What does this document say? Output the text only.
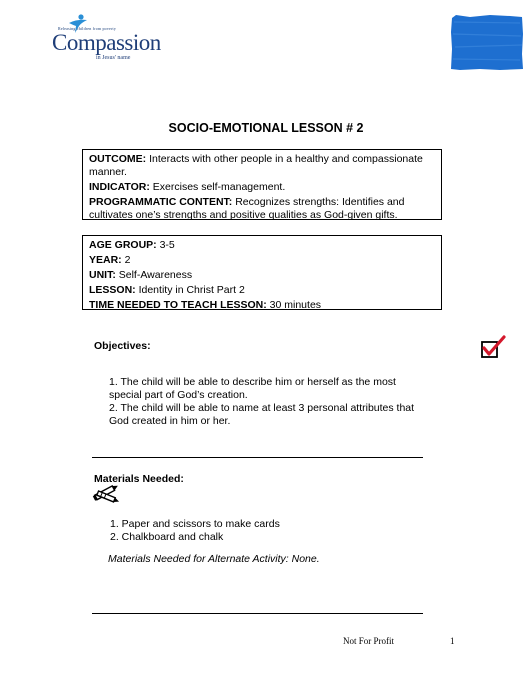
Releasing children from poverty
Compassion
in Jesus' name
SOCIO-EMOTIONAL LESSON # 2

OUTCOME: Interacts with other people in a healthy and compassionate manner.

INDICATOR: Exercises self-management.

PROGRAMMATIC CONTENT: Recognizes strengths: Identifies and cultivates one’s strengths and positive qualities as God-given gifts.

AGE GROUP: 3-5

YEAR: 2

UNIT: Self-Awareness

LESSON: Identity in Christ Part 2

TIME NEEDED TO TEACH LESSON: 30 minutes

Objectives:
1. The child will be able to describe him or herself as the most special part of God’s creation.
2. The child will be able to name at least 3 personal attributes that God created in him or her.
Materials Needed:
1. Paper and scissors to make cards
2. Chalkboard and chalk
Materials Needed for Alternate Activity: None.
Not For Profit	1
